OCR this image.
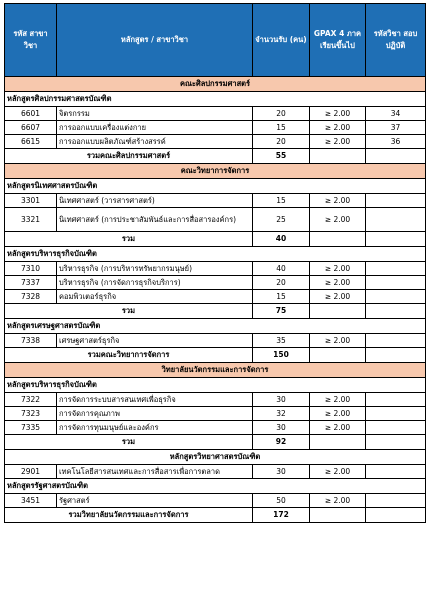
รหัส สาขาวิชา	หลักสูตร / สาขาวิชา	จำนวนรับ (คน)	GPAX 4 ภาค เรียนขึ้นไป	รหัสวิชา สอบปฏิบัติ
คณะศิลปกรรมศาสตร์				
หลักสูตรศิลปกรรมศาสตรบัณฑิต				
6601	จิตรกรรม	20	≥ 2.00	34
6607	การออกแบบเครื่องแต่งกาย	15	≥ 2.00	37
6615	การออกแบบผลิตภัณฑ์สร้างสรรค์	20	≥ 2.00	36
รวมคณะศิลปกรรมศาสตร์		55		
คณะวิทยาการจัดการ				
หลักสูตรนิเทศศาสตรบัณฑิต				
3301	นิเทศศาสตร์ (วารสารศาสตร์)	15	≥ 2.00	
3321	นิเทศศาสตร์ (การประชาสัมพันธ์และการสื่อสารองค์กร)	25	≥ 2.00	
รวม		40		
หลักสูตรบริหารธุรกิจบัณฑิต				
7310	บริหารธุรกิจ (การบริหารทรัพยากรมนุษย์)	40	≥ 2.00	
7337	บริหารธุรกิจ (การจัดการธุรกิจบริการ)	20	≥ 2.00	
7328	คอมพิวเตอร์ธุรกิจ	15	≥ 2.00	
รวม		75		
หลักสูตรเศรษฐศาสตรบัณฑิต				
7338	เศรษฐศาสตร์ธุรกิจ	35	≥ 2.00	
รวมคณะวิทยาการจัดการ		150		
วิทยาลัยนวัตกรรมและการจัดการ				
หลักสูตรบริหารธุรกิจบัณฑิต				
7322	การจัดการระบบสารสนเทศเพื่อธุรกิจ	30	≥ 2.00	
7323	การจัดการคุณภาพ	32	≥ 2.00	
7335	การจัดการทุนมนุษย์และองค์กร	30	≥ 2.00	
รวม		92		
หลักสูตรวิทยาศาสตรบัณฑิต				
2901	เทคโนโลยีสารสนเทศและการสื่อสารเพื่อการตลาด	30	≥ 2.00	
หลักสูตรรัฐศาสตรบัณฑิต				
3451	รัฐศาสตร์	50	≥ 2.00	
รวมวิทยาลัยนวัตกรรมและการจัดการ		172		
